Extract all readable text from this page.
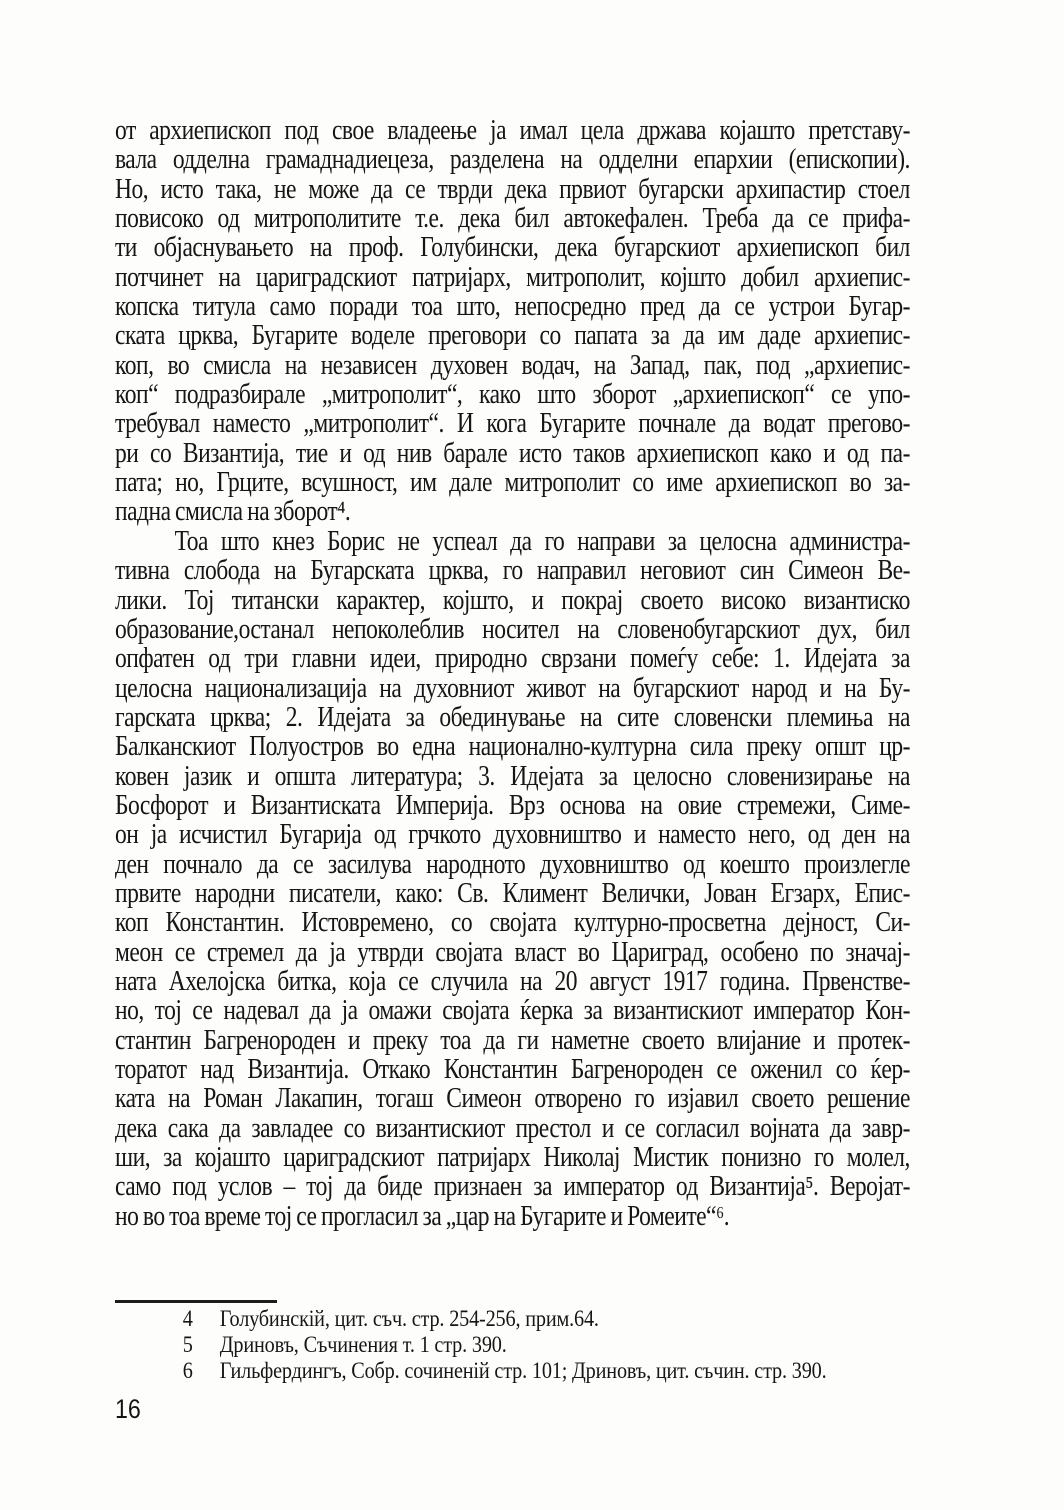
от архиепископ под свое владеење ја имал цела држава којашто претставу-
вала одделна грамаднадиецеза, разделена на одделни епархии (епископии).
Но, исто така, не може да се тврди дека првиот бугарски архипастир стоел
повисоко од митрополитите т.е. дека бил автокефален. Треба да се прифа-
ти објаснувањето на проф. Голубински, дека бугарскиот архиепископ бил
потчинет на цариградскиот патријарх, митрополит, којшто добил архиепис-
копска титула само поради тоа што, непосредно пред да се устрои Бугар-
ската црква, Бугарите воделе преговори со папата за да им даде архиепис-
коп, во смисла на независен духовен водач, на Запад, пак, под „архиепис-
коп“ подразбирале „митрополит“, како што зборот „архиепископ“ се упо-
требувал наместо „митрополит“. И кога Бугарите почнале да водат прегово-
ри со Византија, тие и од нив барале исто таков архиепископ како и од па-
пата; но, Грците, всушност, им дале митрополит со име архиепископ во за-
падна смисла на зборот⁴.
Тоа што кнез Борис не успеал да го направи за целосна администра-
тивна слобода на Бугарската црква, го направил неговиот син Симеон Ве-
лики. Тој титански карактер, којшто, и покрај своето високо византиско
образование,останал непоколеблив носител на словенобугарскиот дух, бил
опфатен од три главни идеи, природно сврзани помеѓу себе: 1. Идејата за
целосна национализација на духовниот живот на бугарскиот народ и на Бу-
гарската црква; 2. Идејата за обединување на сите словенски племиња на
Балканскиот Полуостров во една национално-културна сила преку општ цр-
ковен јазик и општа литература; 3. Идејата за целосно словенизирање на
Босфорот и Византиската Империја. Врз основа на овие стремежи, Симе-
он ја исчистил Бугарија од грчкото духовништво и наместо него, од ден на
ден почнало да се засилува народното духовништво од коешто произлегле
првите народни писатели, како: Св. Климент Велички, Јован Егзарх, Епис-
коп Константин. Истовремено, со својата културно-просветна дејност, Си-
меон се стремел да ја утврди својата власт во Цариград, особено по значај-
ната Ахелојска битка, која се случила на 20 август 1917 година. Првенстве-
но, тој се надевал да ја омажи својата ќерка за византискиот император Кон-
стантин Багренороден и преку тоа да ги наметне своето влијание и протек-
торатот над Византија. Откако Константин Багренороден се оженил со ќер-
ката на Роман Лакапин, тогаш Симеон отворено го изјавил своето решение
дека сака да завладее со византискиот престол и се согласил војната да завр-
ши, за којашто цариградскиот патријарх Николај Мистик понизно го молел,
само под услов – тој да биде признаен за император од Византија⁵. Веројат-
но во тоа време тој се прогласил за „цар на Бугарите и Ромеите“⁶.
4 Голубинскій, цит. съч. стр. 254-256, прим.64.
5 Дриновъ, Съчинения т. 1 стр. 390.
6 Гильфердингъ, Собр. сочиненій стр. 101; Дриновъ, цит. съчин. стр. 390.
16
